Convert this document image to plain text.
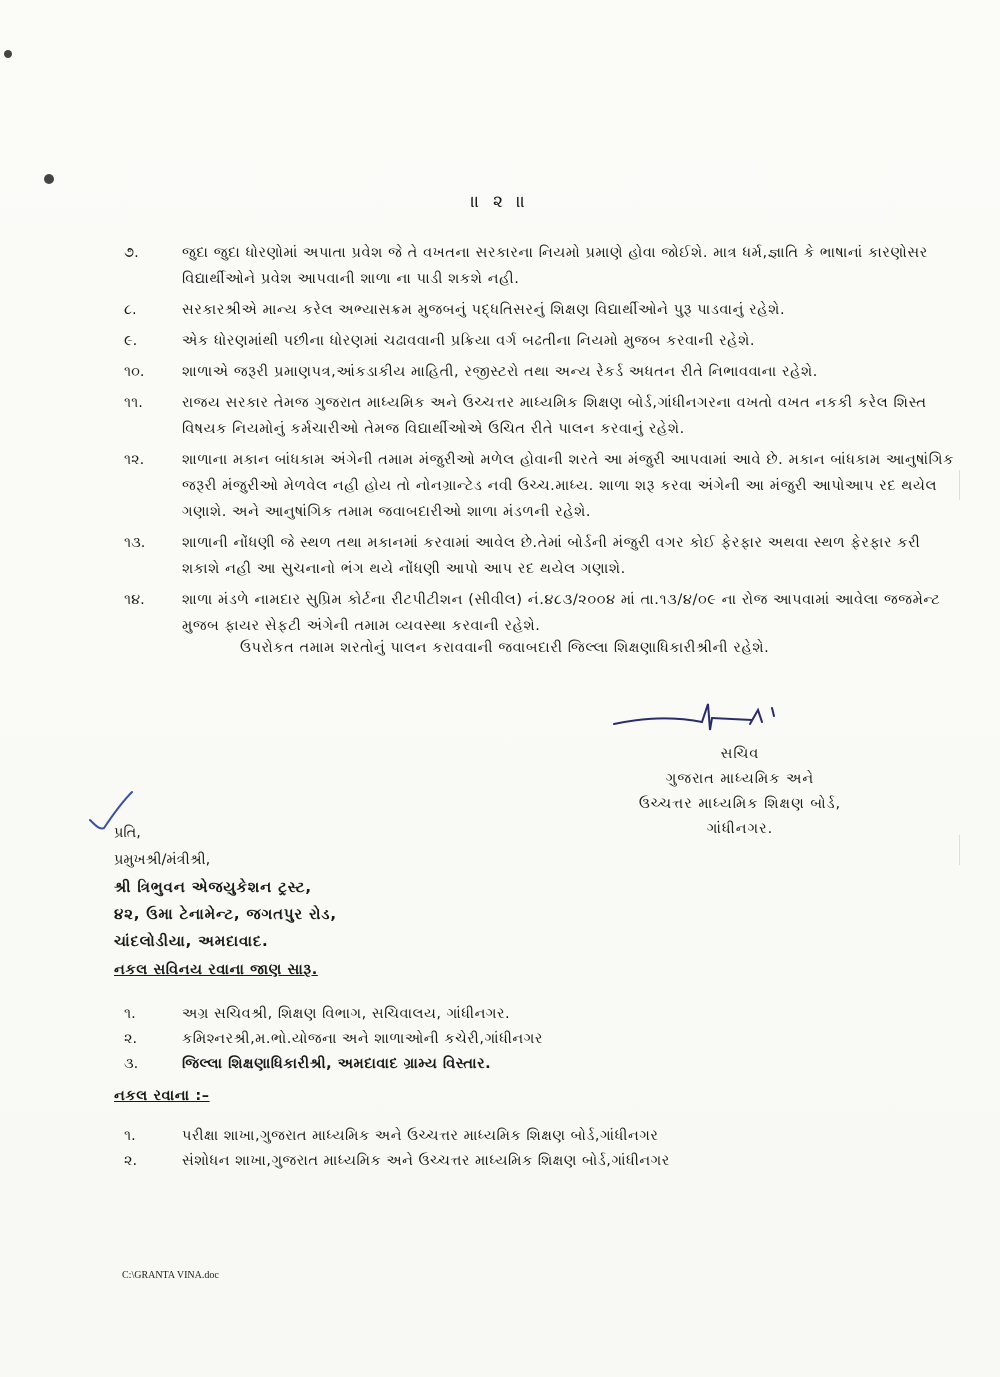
॥ ૨ ॥
૭.	જુદા જુદા ધોરણોમાં અપાતા પ્રવેશ જે તે વખતના સરકારના નિયમો પ્રમાણે હોવા જોઈશે. માત્ર ધર્મ,જ્ઞાતિ કે ભાષાનાં કારણોસર વિદ્યાર્થીઓને પ્રવેશ આપવાની શાળા ના પાડી શકશે નહી.
૮.	સરકારશ્રીએ માન્ય કરેલ અભ્યાસક્રમ મુજબનું પદ્ધતિસરનું શિક્ષણ વિદ્યાર્થીઓને પુરૂ પાડવાનું રહેશે.
૯.	એક ધોરણમાંથી પછીના ધોરણમાં ચઢાવવાની પ્રક્રિયા વર્ગ બઢતીના નિયમો મુજબ કરવાની રહેશે.
૧૦.	શાળાએ જરૂરી પ્રમાણપત્ર,આંકડાકીય માહિતી, રજીસ્ટરો તથા અન્ય રેકર્ડ અધતન રીતે નિભાવવાના રહેશે.
૧૧.	રાજય સરકાર તેમજ ગુજરાત માધ્યમિક અને ઉચ્ચત્તર માધ્યમિક શિક્ષણ બોર્ડ,ગાંધીનગરના વખતો વખત નકકી કરેલ શિસ્ત વિષયક નિયમોનું કર્મચારીઓ તેમજ વિદ્યાર્થીઓએ ઉચિત રીતે પાલન કરવાનું રહેશે.
૧૨.	શાળાના મકાન બાંધકામ અંગેની તમામ મંજુરીઓ મળેલ હોવાની શરતે આ મંજુરી આપવામાં આવે છે. મકાન બાંધકામ આનુષાંગિક જરૂરી મંજુરીઓ મેળવેલ નહી હોય તો નોનગ્રાન્ટેડ નવી ઉચ્ચ.માધ્ય. શાળા શરૂ કરવા અંગેની આ મંજુરી આપોઆપ રદ થયેલ ગણાશે. અને આનુષાંગિક તમામ જવાબદારીઓ શાળા મંડળની રહેશે.
૧૩.	શાળાની નોંધણી જે સ્થળ તથા મકાનમાં કરવામાં આવેલ છે.તેમાં બોર્ડની મંજુરી વગર કોઈ ફેરફાર અથવા સ્થળ ફેરફાર કરી શકાશે નહી આ સુચનાનો ભંગ થયે નોંધણી આપો આપ રદ થયેલ ગણાશે.
૧૪.	શાળા મંડળે નામદાર સુપ્રિમ કોર્ટના રીટપીટીશન (સીવીલ) નં.૪૮૩/૨૦૦૪ માં તા.૧૩/૪/૦૯ ના રોજ આપવામાં આવેલા જજમેન્ટ મુજબ ફાયર સેફટી અંગેની તમામ વ્યવસ્થા કરવાની રહેશે.
ઉપરોકત તમામ શરતોનું પાલન કરાવવાની જવાબદારી જિલ્લા શિક્ષણાધિકારીશ્રીની રહેશે.
સચિવ
ગુજરાત માધ્યમિક અને
ઉચ્ચત્તર માધ્યમિક શિક્ષણ બોર્ડ,
ગાંધીનગર.
પ્રતિ,
પ્રમુખશ્રી/મંત્રીશ્રી,
શ્રી ત્રિભુવન એજયુકેશન ટ્રસ્ટ,
૪૨, ઉમા ટેનામેન્ટ, જગતપુર રોડ,
ચાંદલોડીયા, અમદાવાદ.
નકલ સવિનય રવાના જાણ સારૂ.
૧.	અગ્ર સચિવશ્રી, શિક્ષણ વિભાગ, સચિવાલય, ગાંધીનગર.
૨.	કમિશ્નરશ્રી,મ.ભો.યોજના અને શાળાઓની કચેરી,ગાંધીનગર
૩.	જિલ્લા શિક્ષણાધિકારીશ્રી, અમદાવાદ ગ્રામ્ય વિસ્તાર.
નકલ રવાના :–
૧.	પરીક્ષા શાખા,ગુજરાત માધ્યમિક અને ઉચ્ચત્તર માધ્યમિક શિક્ષણ બોર્ડ,ગાંધીનગર
૨.	સંશોધન શાખા,ગુજરાત માધ્યમિક અને ઉચ્ચત્તર માધ્યમિક શિક્ષણ બોર્ડ,ગાંધીનગર
C:\GRANTA VINA.doc
